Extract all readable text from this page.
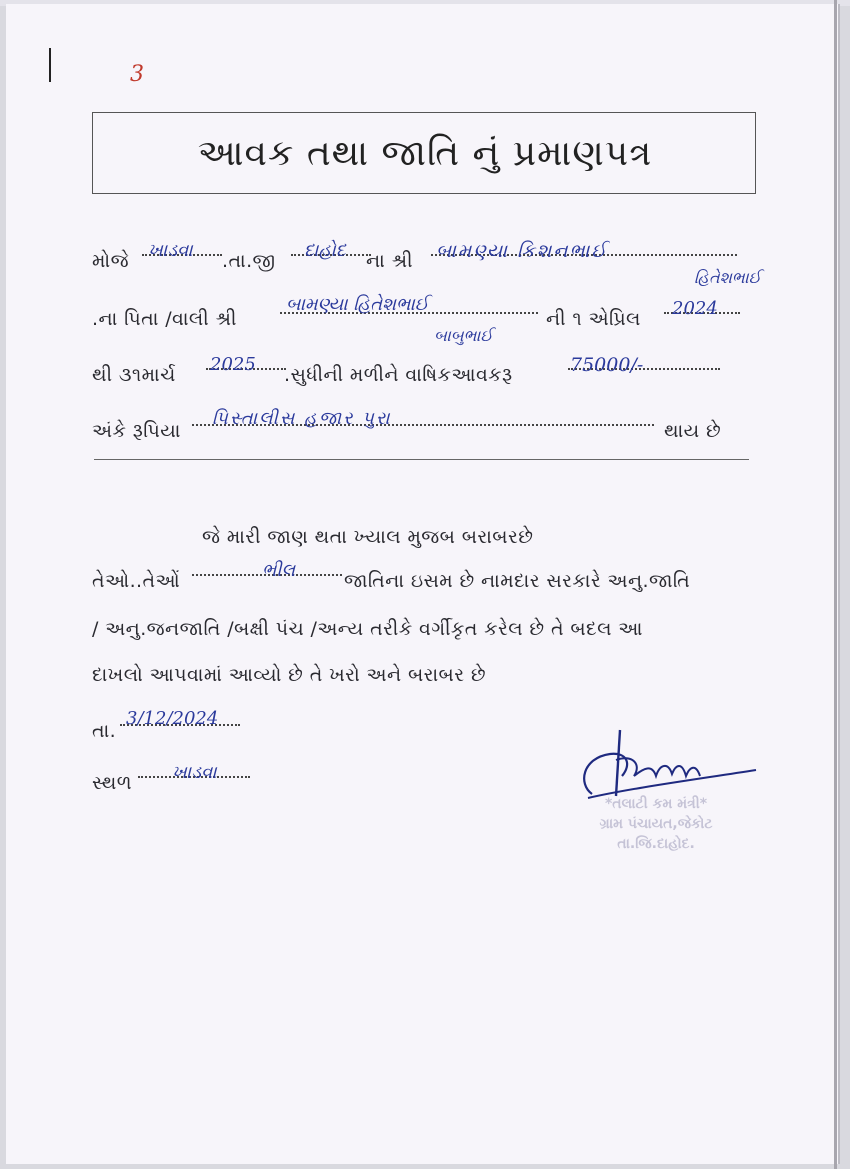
3
આવક તથા જાતિ નું પ્રમાણપત્ર
મોજે ખાડવા .તા.જી દાહોદ ના શ્રી બામણ્યા કિશનભાઈ
હિતેશભાઈ
.ના પિતા /વાલી શ્રી
બામણ્યા હિતેશભાઈ
બાબુભાઈ
ની ૧ એપ્રિલ 2024
થી ૩૧માર્ચ 2025 .સુધીની મળીને વાષિકઆવકરૂ	75000/-
અંકે રૂપિયા
પિસ્તાલીસ હજાર પુરા
થાય છે
જે મારી જાણ થતા ખ્યાલ મુજબ બરાબરછે
તેઓ..તેઓં	ભીલ	જાતિના ઇસમ છે નામદાર સરકારે અનુ.જાતિ
/ અનુ.જનજાતિ /બક્ષી પંચ /અન્ય તરીકે વર્ગીકૃત કરેલ છે તે બદલ આ
દાખલો આપવામાં આવ્યો છે તે ખરો અને બરાબર છે
તા.
3/12/2024
સ્થળ ખાડવા
*તલાટી કમ મંત્રી*
ગ્રામ પંચાયત,જેકોટ
તા.જિ.દાહોદ.
